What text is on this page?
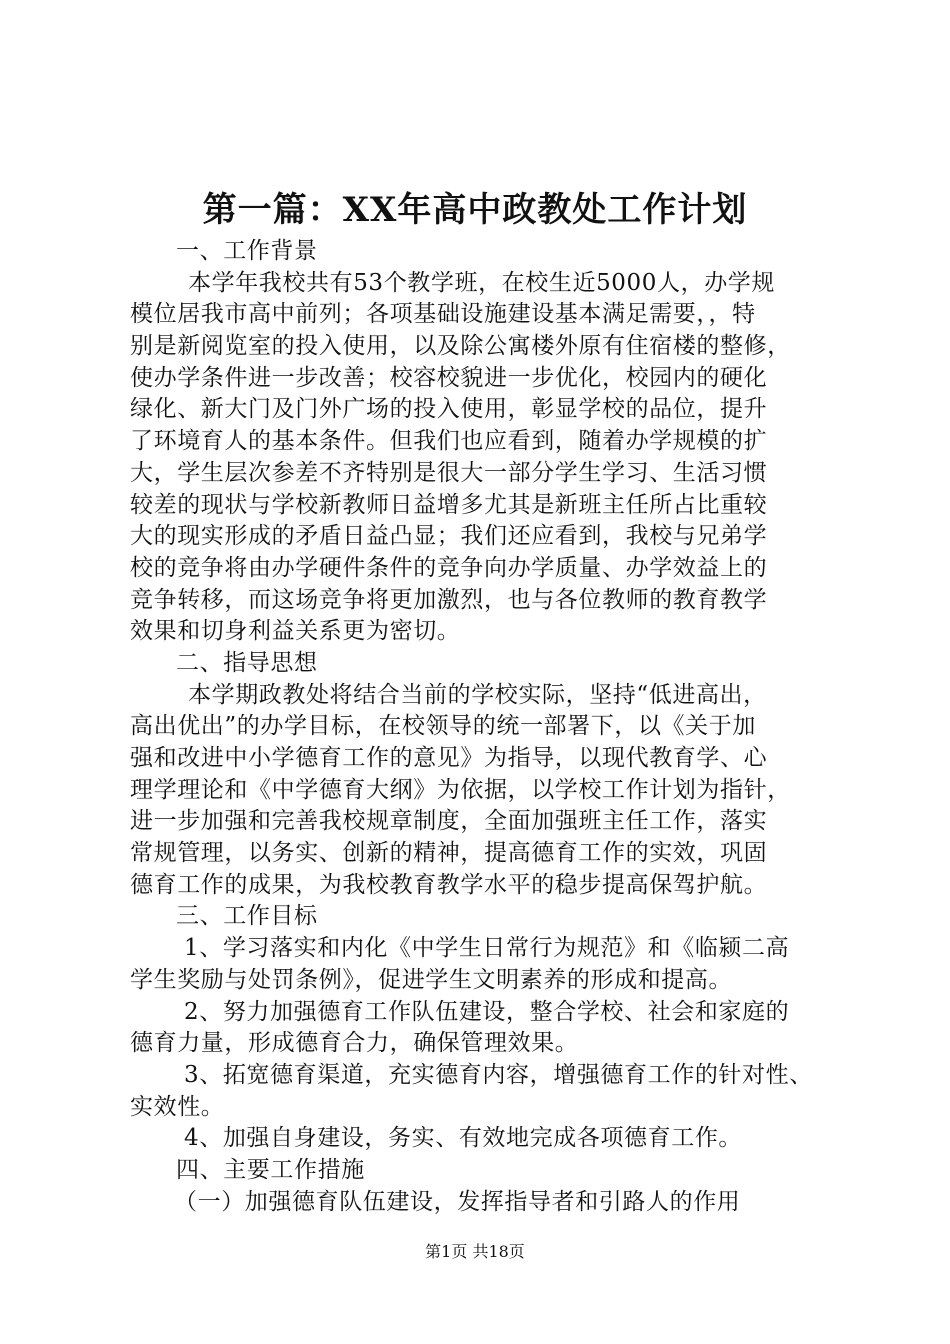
第一篇：XX年高中政教处工作计划
一、工作背景
本学年我校共有53个教学班，在校生近5000人，办学规
模位居我市高中前列；各项基础设施建设基本满足需要，，特
别是新阅览室的投入使用，以及除公寓楼外原有住宿楼的整修，
使办学条件进一步改善；校容校貌进一步优化，校园内的硬化
绿化、新大门及门外广场的投入使用，彰显学校的品位，提升
了环境育人的基本条件。但我们也应看到，随着办学规模的扩
大，学生层次参差不齐特别是很大一部分学生学习、生活习惯
较差的现状与学校新教师日益增多尤其是新班主任所占比重较
大的现实形成的矛盾日益凸显；我们还应看到，我校与兄弟学
校的竞争将由办学硬件条件的竞争向办学质量、办学效益上的
竞争转移，而这场竞争将更加激烈，也与各位教师的教育教学
效果和切身利益关系更为密切。
二、指导思想
本学期政教处将结合当前的学校实际，坚持“低进高出，
高出优出”的办学目标，在校领导的统一部署下，以《关于加
强和改进中小学德育工作的意见》为指导，以现代教育学、心
理学理论和《中学德育大纲》为依据，以学校工作计划为指针，
进一步加强和完善我校规章制度，全面加强班主任工作，落实
常规管理，以务实、创新的精神，提高德育工作的实效，巩固
德育工作的成果，为我校教育教学水平的稳步提高保驾护航。
三、工作目标
1、学习落实和内化《中学生日常行为规范》和《临颍二高
学生奖励与处罚条例》，促进学生文明素养的形成和提高。
2、努力加强德育工作队伍建设，整合学校、社会和家庭的
德育力量，形成德育合力，确保管理效果。
3、拓宽德育渠道，充实德育内容，增强德育工作的针对性、
实效性。
4、加强自身建设，务实、有效地完成各项德育工作。
四、主要工作措施
（一）加强德育队伍建设，发挥指导者和引路人的作用
第1页 共18页
